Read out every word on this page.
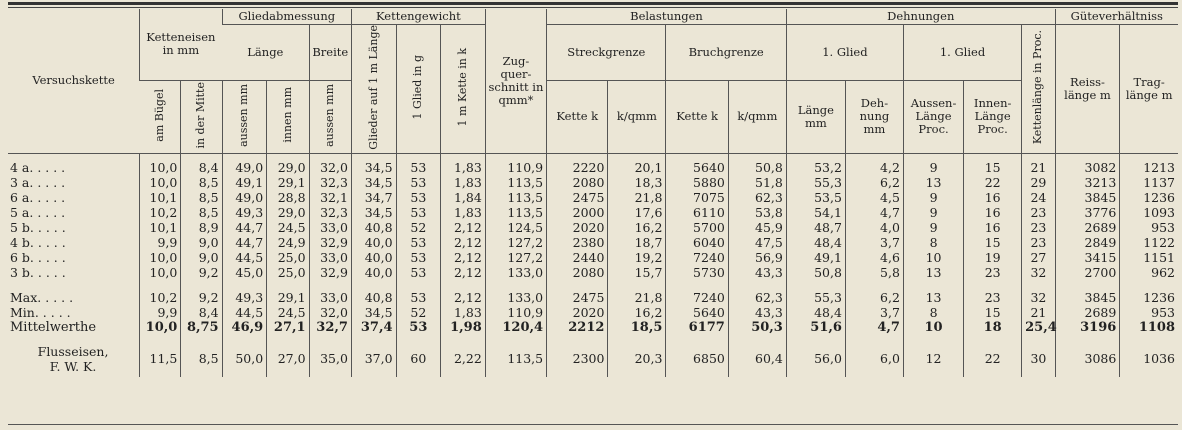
Versuchskette	Ketteneisen in mm		Gliedabmessung			Kettengewicht			Zug-quer-schnitt in qmm*	Belastungen				Dehnungen					Güteverhältniss	
			Länge		Breite	Glieder auf 1 m Länge	1 Glied in g	1 m Kette in k		Streckgrenze		Bruchgrenze		1. Glied		1. Glied		Kettenlänge in Proc.	Reiss-länge m	Trag-länge m
	am Bügel	in der Mitte	aussen mm	innen mm	aussen mm					Kette k	k/qmm	Kette k	k/qmm	Länge mm	Deh-nung mm	Aussen-Länge Proc.	Innen-Länge Proc.			

4 a. . . . .	10,0	8,4	49,0	29,0	32,0	34,5	53	1,83	110,9	2220	20,1	5640	50,8	53,2	4,2	9	15	21	3082	1213
3 a. . . . .	10,0	8,5	49,1	29,1	32,3	34,5	53	1,83	113,5	2080	18,3	5880	51,8	55,3	6,2	13	22	29	3213	1137
6 a. . . . .	10,1	8,5	49,0	28,8	32,1	34,7	53	1,84	113,5	2475	21,8	7075	62,3	53,5	4,5	9	16	24	3845	1236
5 a. . . . .	10,2	8,5	49,3	29,0	32,3	34,5	53	1,83	113,5	2000	17,6	6110	53,8	54,1	4,7	9	16	23	3776	1093
5 b. . . . .	10,1	8,9	44,7	24,5	33,0	40,8	52	2,12	124,5	2020	16,2	5700	45,9	48,7	4,0	9	16	23	2689	953
4 b. . . . .	9,9	9,0	44,7	24,9	32,9	40,0	53	2,12	127,2	2380	18,7	6040	47,5	48,4	3,7	8	15	23	2849	1122
6 b. . . . .	10,0	9,0	44,5	25,0	33,0	40,0	53	2,12	127,2	2440	19,2	7240	56,9	49,1	4,6	10	19	27	3415	1151
3 b. . . . .	10,0	9,2	45,0	25,0	32,9	40,0	53	2,12	133,0	2080	15,7	5730	43,3	50,8	5,8	13	23	32	2700	962

Max. . . . .	10,2	9,2	49,3	29,1	33,0	40,8	53	2,12	133,0	2475	21,8	7240	62,3	55,3	6,2	13	23	32	3845	1236
Min. . . . .	9,9	8,4	44,5	24,5	32,0	34,5	52	1,83	110,9	2020	16,2	5640	43,3	48,4	3,7	8	15	21	2689	953
Mittelwerthe	10,0	8,75	46,9	27,1	32,7	37,4	53	1,98	120,4	2212	18,5	6177	50,3	51,6	4,7	10	18	25,4	3196	1108

Flusseisen,
F. W. K.	11,5	8,5	50,0	27,0	35,0	37,0	60	2,22	113,5	2300	20,3	6850	60,4	56,0	6,0	12	22	30	3086	1036
